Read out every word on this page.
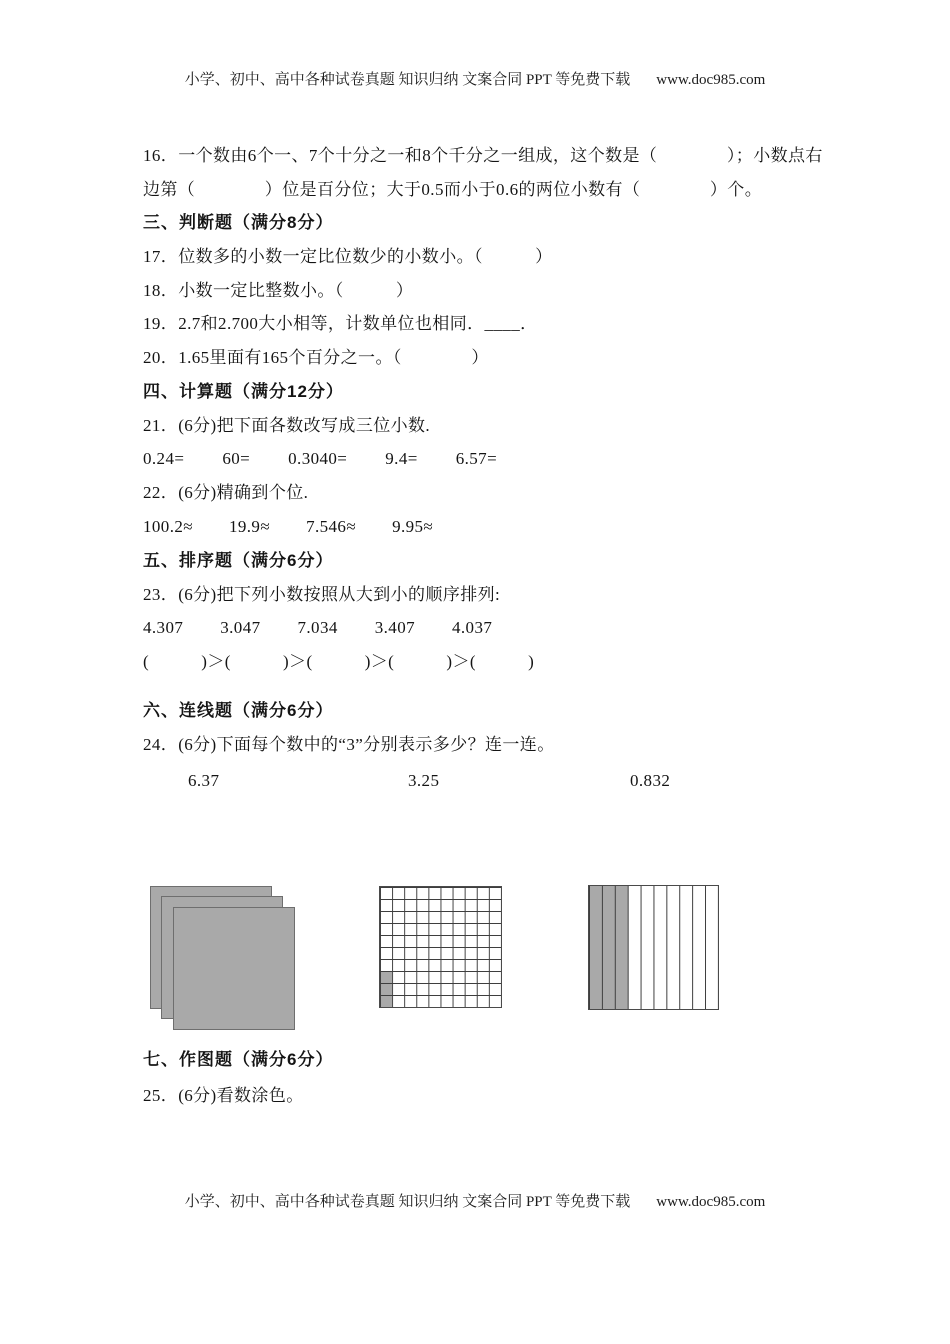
小学、初中、高中各种试卷真题 知识归纳 文案合同 PPT 等免费下载 www.doc985.com
16．一个数由6个一、7个十分之一和8个千分之一组成，这个数是（　　　　）；小数点右
边第（　　　　）位是百分位；大于0.5而小于0.6的两位小数有（　　　　）个。
三、判断题（满分8分）
17．位数多的小数一定比位数少的小数小。（　　　）
18．小数一定比整数小。（　　　）
19．2.7和2.700大小相等，计数单位也相同．____．
20．1.65里面有165个百分之一。（　　　　）
四、计算题（满分12分）
21．(6分)把下面各数改写成三位小数.
0.24= 60= 0.3040= 9.4= 6.57=
22．(6分)精确到个位.
100.2≈ 19.9≈ 7.546≈ 9.95≈
五、排序题（满分6分）
23．(6分)把下列小数按照从大到小的顺序排列:
4.307 3.047 7.034 3.407 4.037
(　　　)＞(　　　)＞(　　　)＞(　　　)＞(　　　)
六、连线题（满分6分）
24．(6分)下面每个数中的“3”分别表示多少？连一连。
6.37	3.25	0.832
七、作图题（满分6分）
25．(6分)看数涂色。
小学、初中、高中各种试卷真题 知识归纳 文案合同 PPT 等免费下载 www.doc985.com
